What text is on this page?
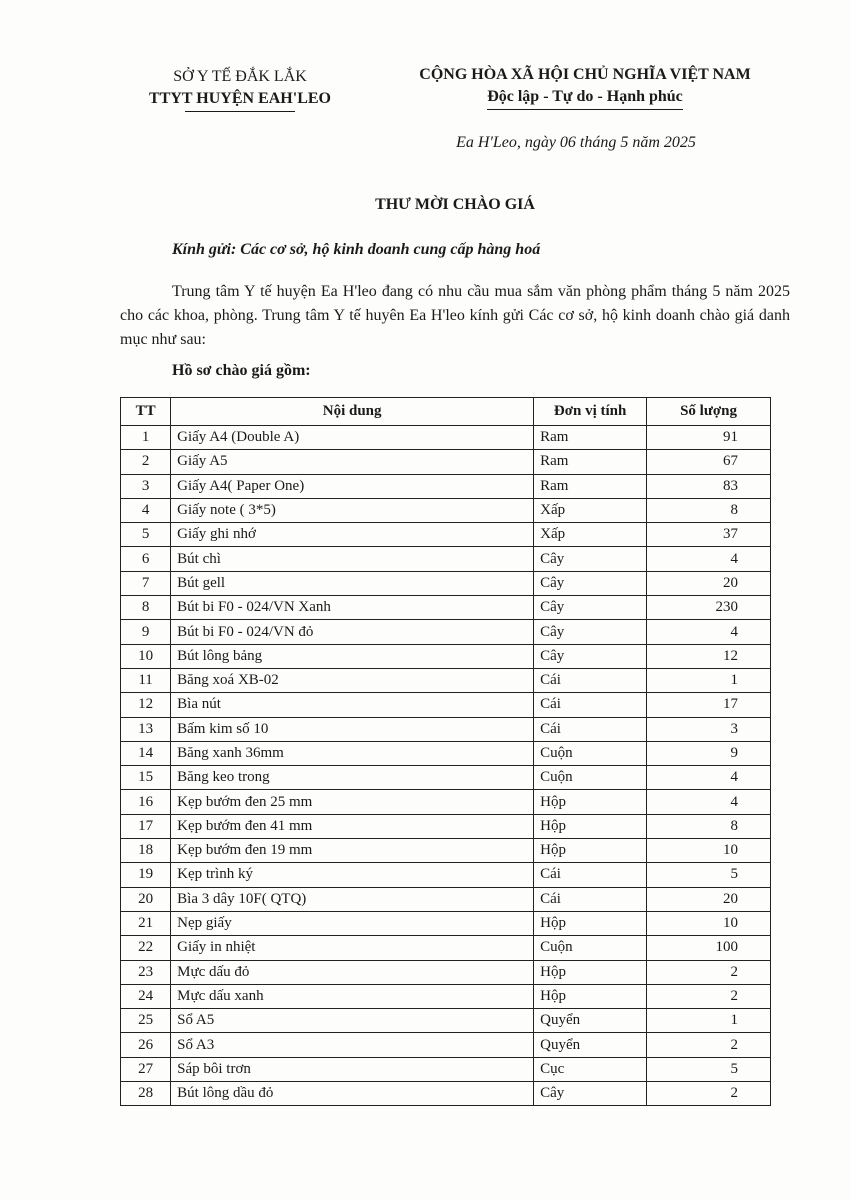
SỞ Y TẾ ĐẮK LẮK
TTYT HUYỆN EAH'LEO
CỘNG HÒA XÃ HỘI CHỦ NGHĨA VIỆT NAM
Độc lập - Tự do - Hạnh phúc
Ea H'Leo, ngày 06 tháng 5 năm 2025
THƯ MỜI CHÀO GIÁ
Kính gửi: Các cơ sở, hộ kinh doanh cung cấp hàng hoá
Trung tâm Y tế huyện Ea H'leo đang có nhu cầu mua sắm văn phòng phẩm tháng 5 năm 2025 cho các khoa, phòng. Trung tâm Y tế huyên Ea H'leo kính gửi Các cơ sở, hộ kinh doanh chào giá danh mục như sau:
Hồ sơ chào giá gồm:
TT	Nội dung	Đơn vị tính	Số lượng
1	Giấy A4 (Double A)	Ram	91
2	Giấy A5	Ram	67
3	Giấy A4( Paper One)	Ram	83
4	Giấy note ( 3*5)	Xấp	8
5	Giấy ghi nhớ	Xấp	37
6	Bút chì	Cây	4
7	Bút gell	Cây	20
8	Bút bi F0 - 024/VN Xanh	Cây	230
9	Bút bi F0 - 024/VN đỏ	Cây	4
10	Bút lông bảng	Cây	12
11	Băng xoá XB-02	Cái	1
12	Bìa nút	Cái	17
13	Bấm kim số 10	Cái	3
14	Băng xanh 36mm	Cuộn	9
15	Băng keo trong	Cuộn	4
16	Kẹp bướm đen 25 mm	Hộp	4
17	Kẹp bướm đen 41 mm	Hộp	8
18	Kẹp bướm đen 19 mm	Hộp	10
19	Kẹp trình ký	Cái	5
20	Bìa 3 dây 10F( QTQ)	Cái	20
21	Nẹp giấy	Hộp	10
22	Giấy in nhiệt	Cuộn	100
23	Mực dấu đỏ	Hộp	2
24	Mực dấu xanh	Hộp	2
25	Sổ A5	Quyển	1
26	Sổ A3	Quyển	2
27	Sáp bôi trơn	Cục	5
28	Bút lông dầu đỏ	Cây	2
